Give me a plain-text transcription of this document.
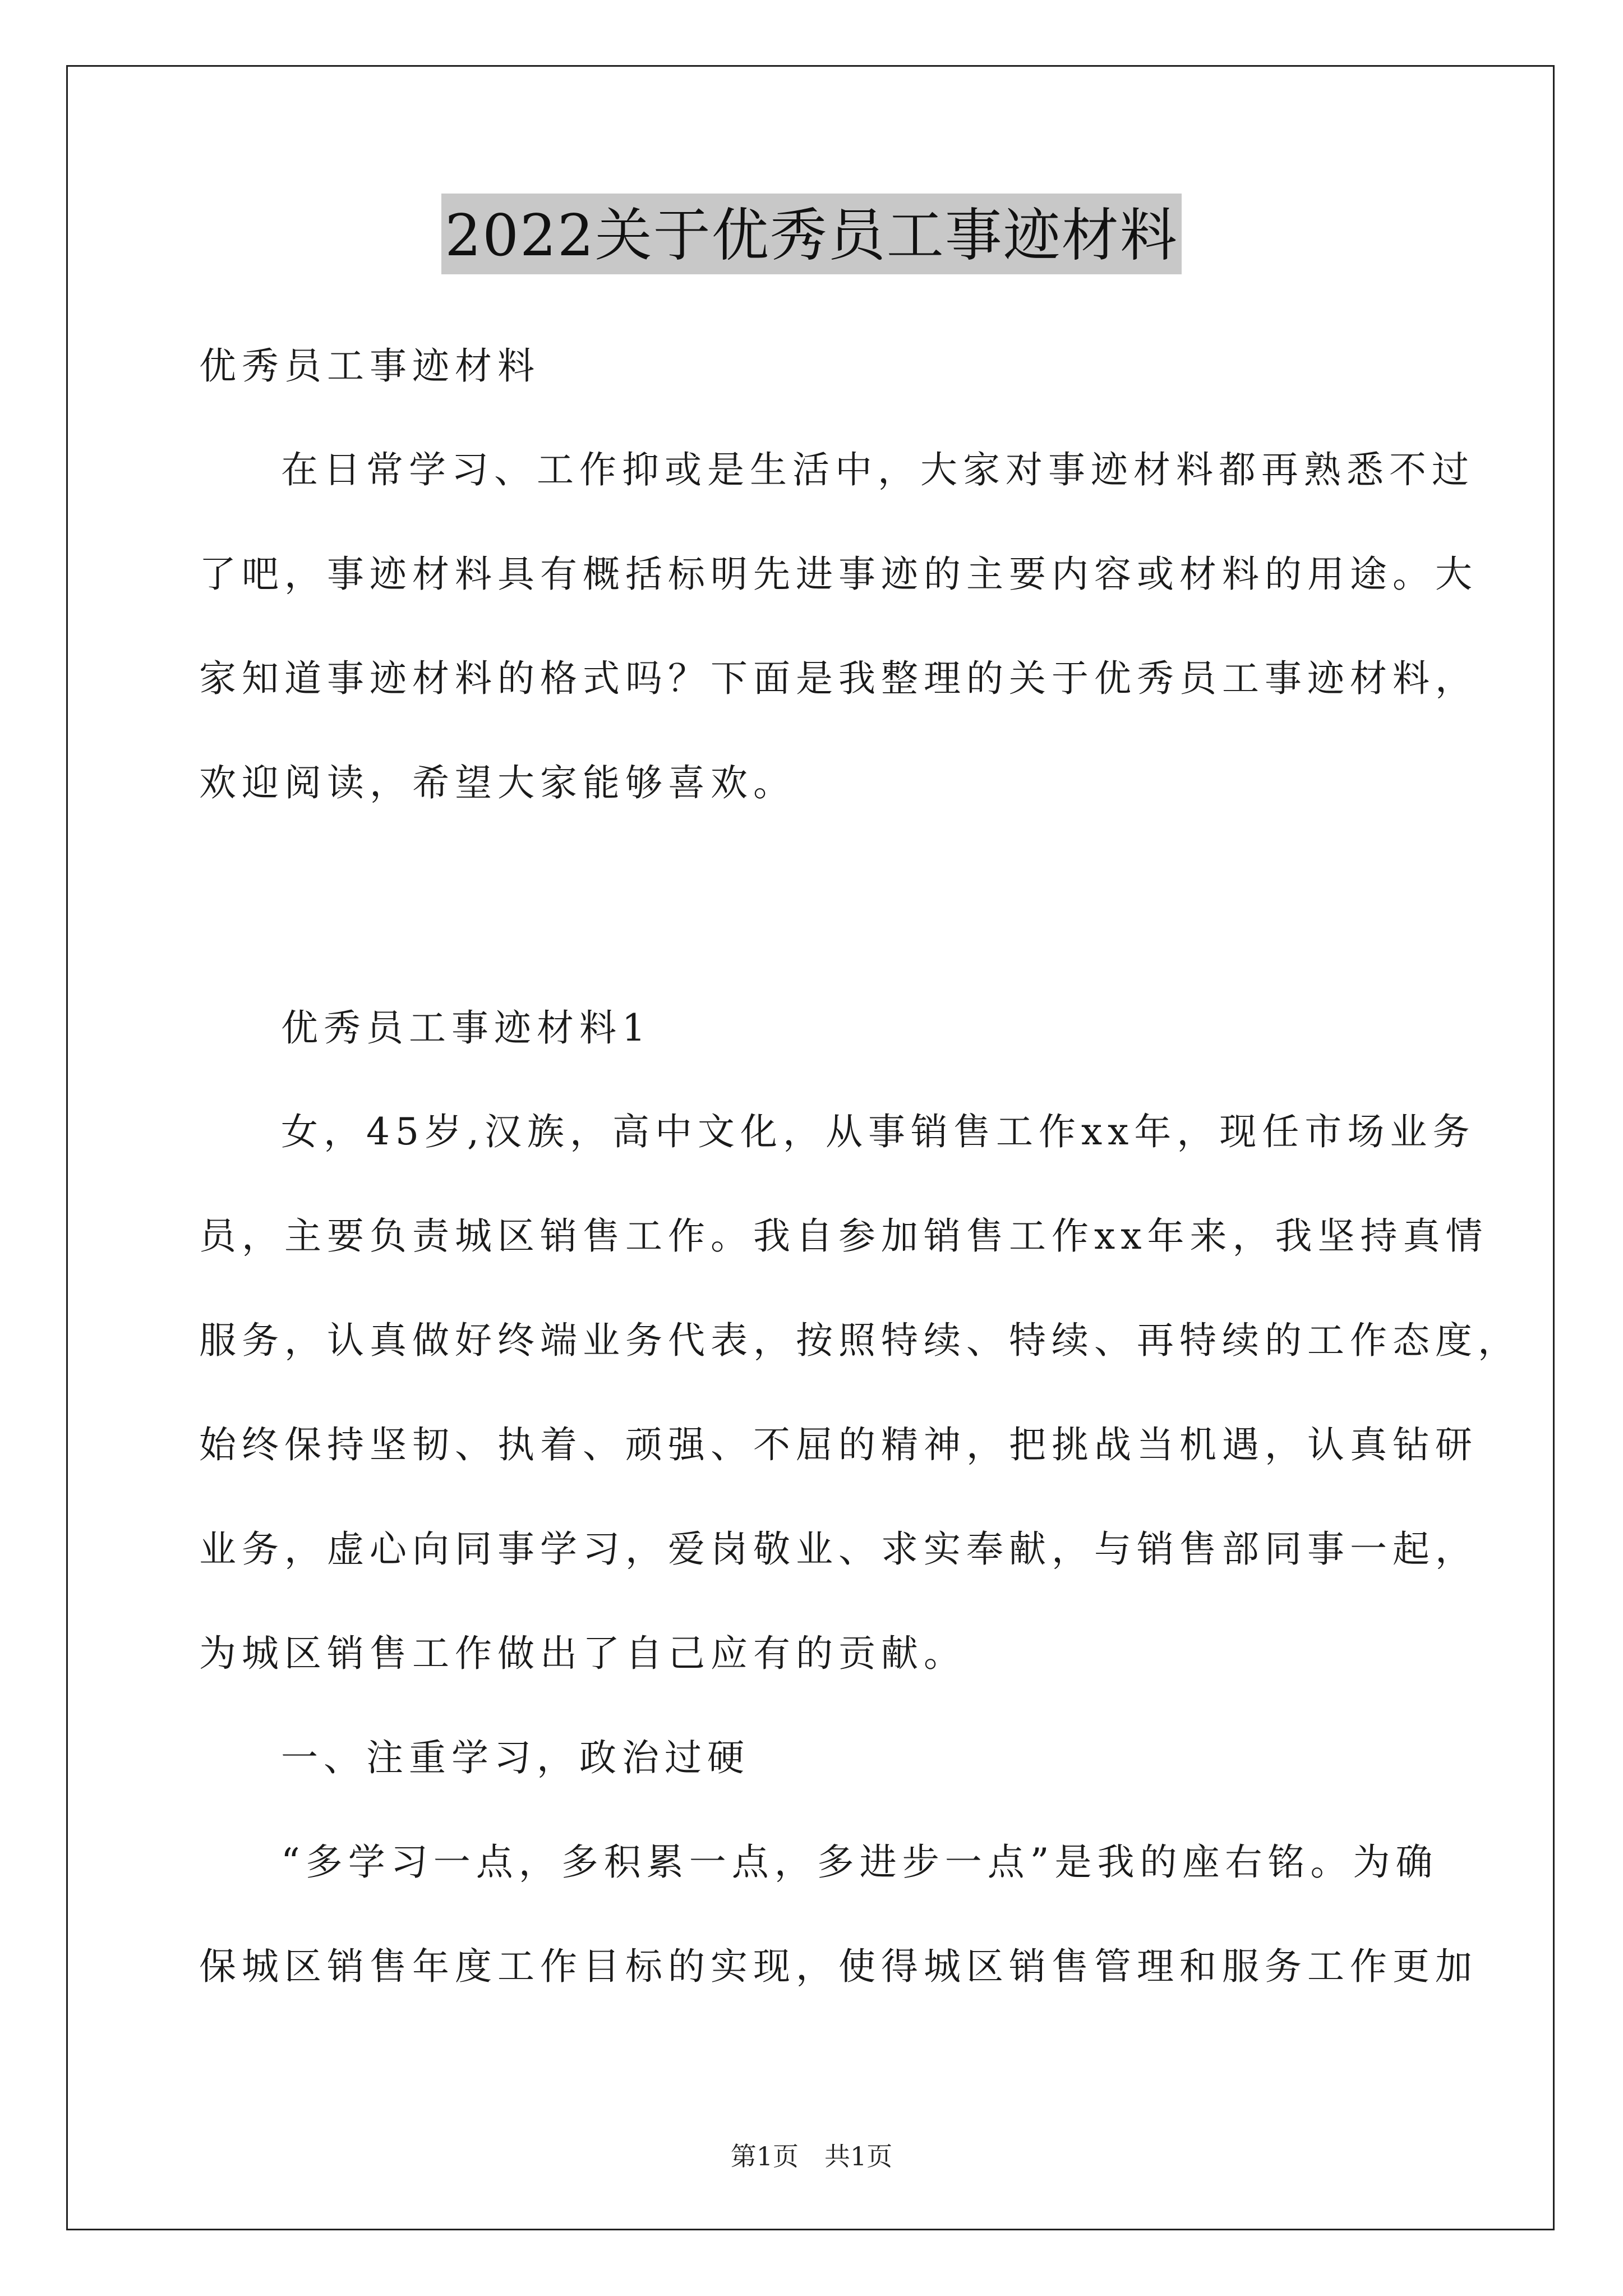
2022关于优秀员工事迹材料

优秀员工事迹材料

在日常学习、工作抑或是生活中，大家对事迹材料都再熟悉不过
了吧，事迹材料具有概括标明先进事迹的主要内容或材料的用途。大
家知道事迹材料的格式吗？下面是我整理的关于优秀员工事迹材料，
欢迎阅读，希望大家能够喜欢。

优秀员工事迹材料1

女，45岁,汉族，高中文化，从事销售工作xx年，现任市场业务
员，主要负责城区销售工作。我自参加销售工作xx年来，我坚持真情
服务，认真做好终端业务代表，按照特续、特续、再特续的工作态度，
始终保持坚韧、执着、顽强、不屈的精神，把挑战当机遇，认真钻研
业务，虚心向同事学习，爱岗敬业、求实奉献，与销售部同事一起，
为城区销售工作做出了自己应有的贡献。

一、注重学习，政治过硬

“多学习一点，多积累一点，多进步一点”是我的座右铭。为确
保城区销售年度工作目标的实现，使得城区销售管理和服务工作更加

第1页　共1页
